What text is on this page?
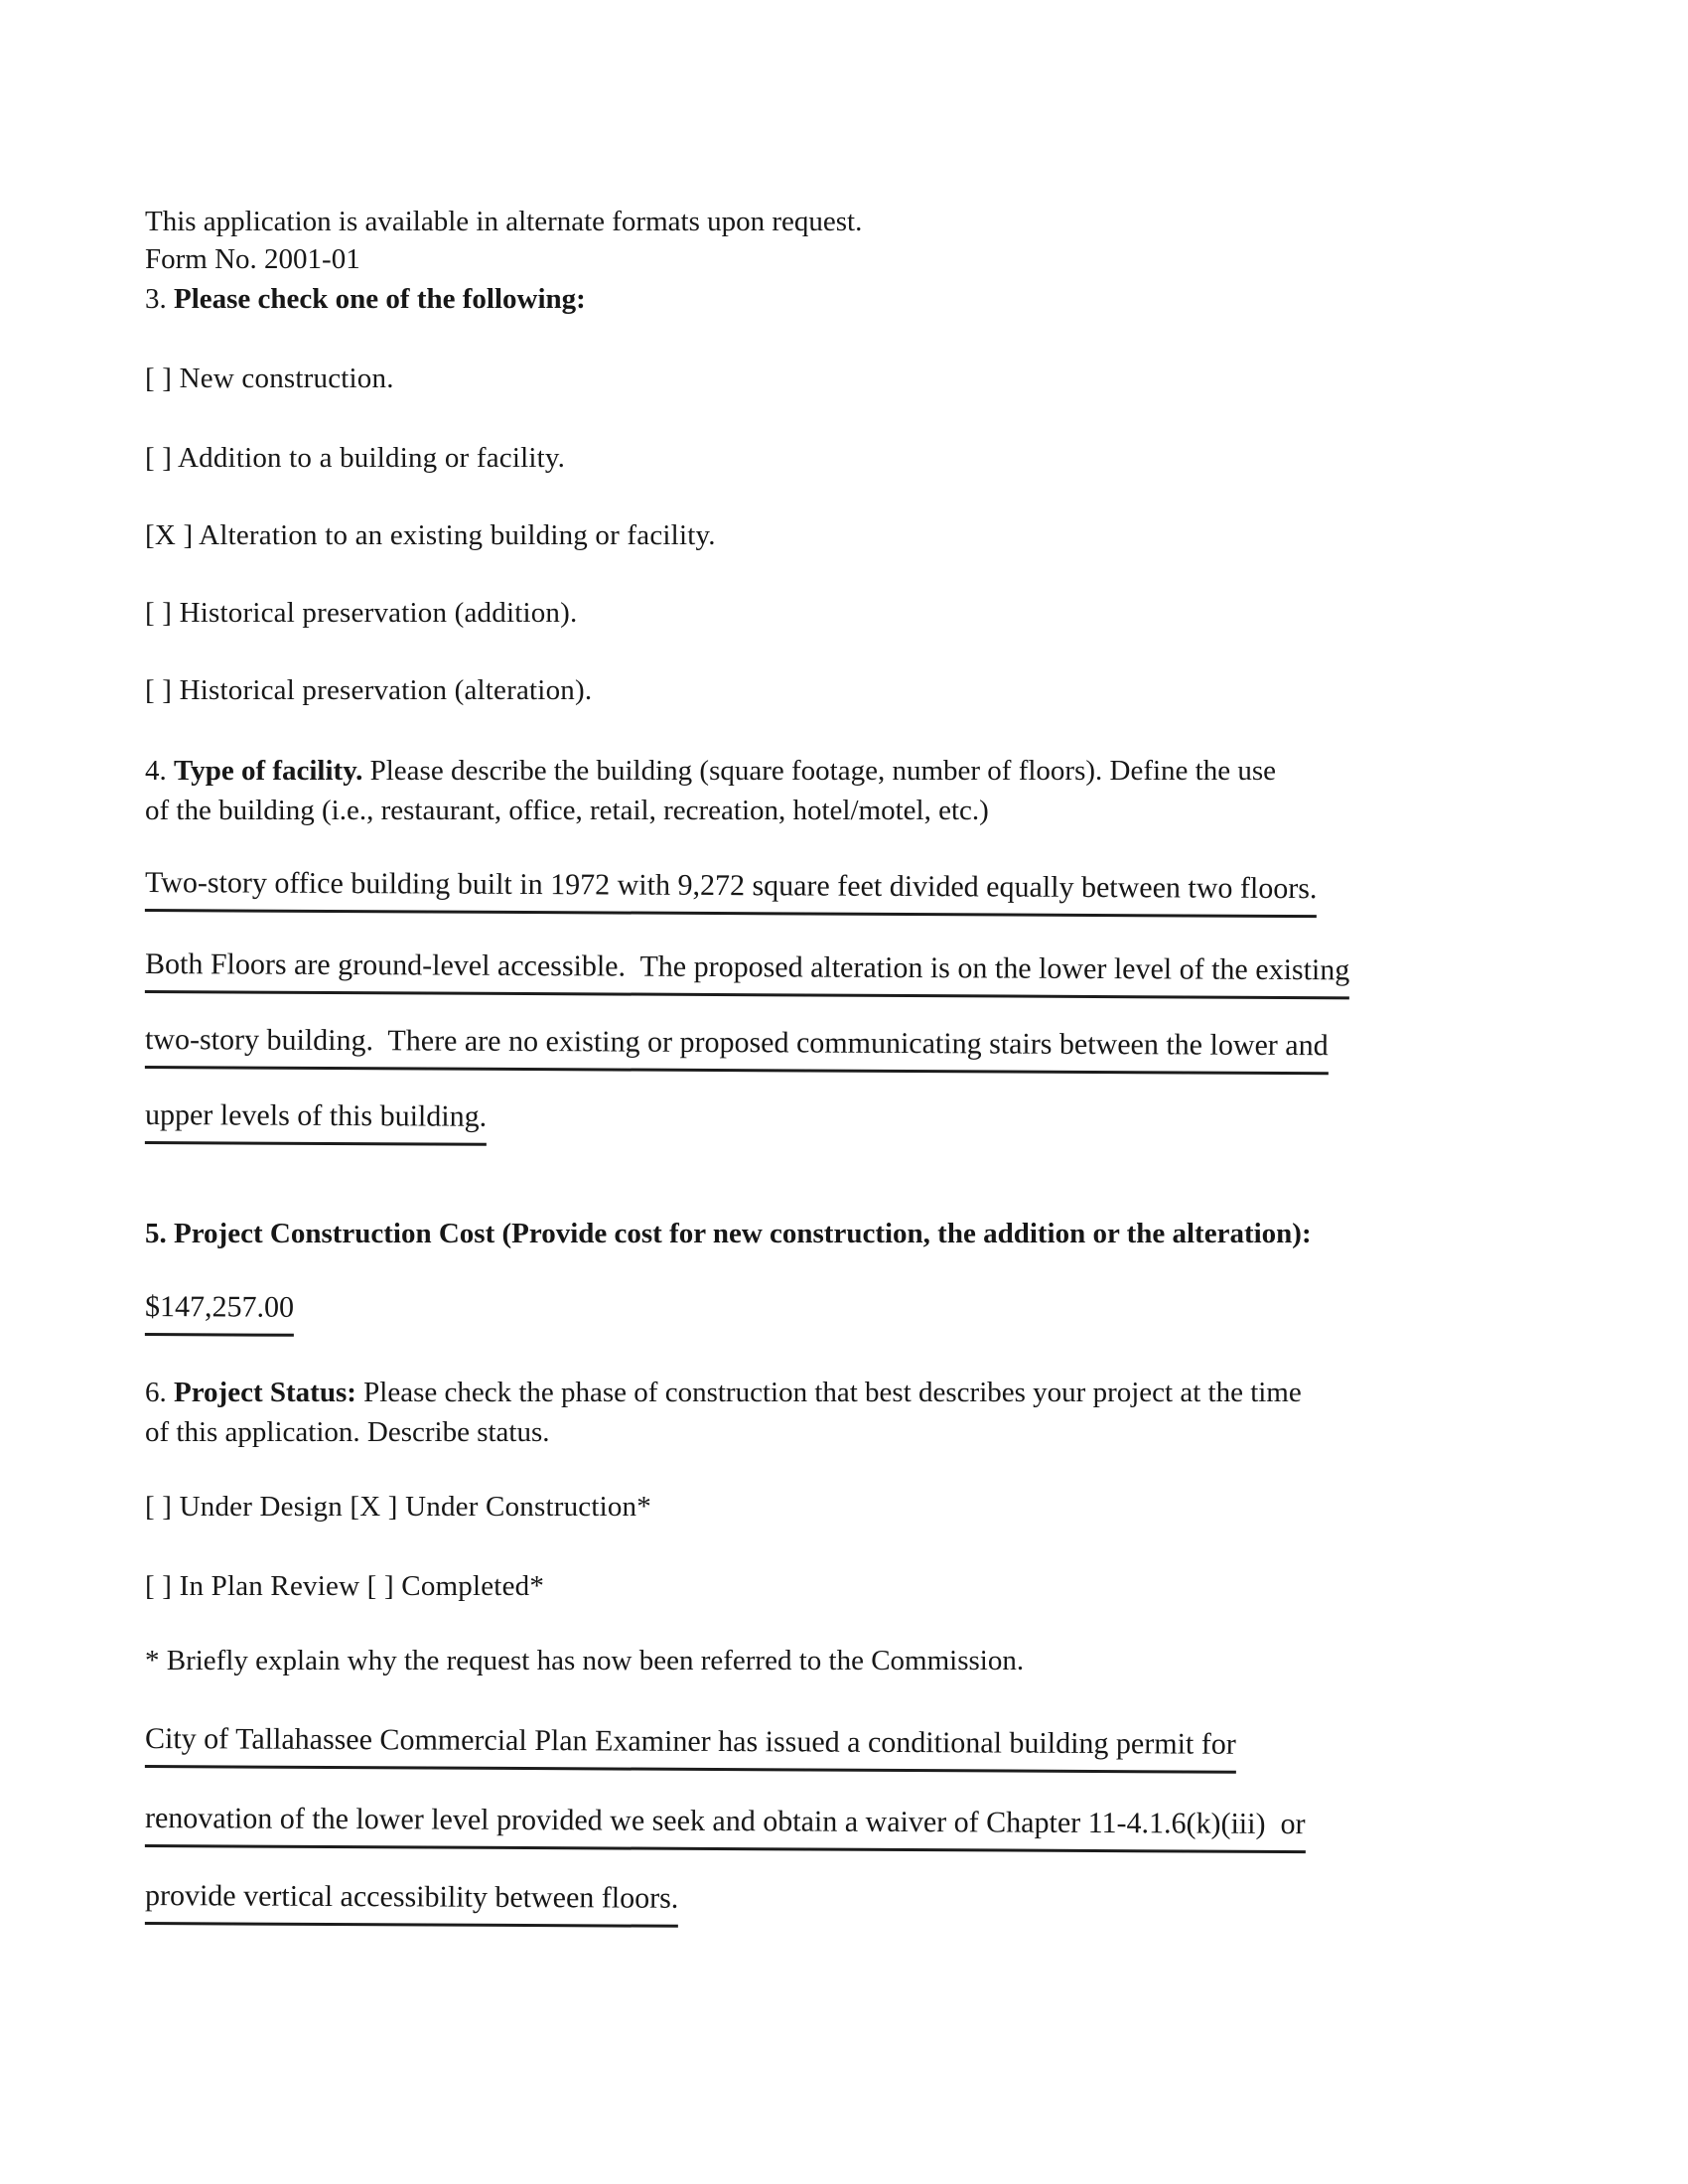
This application is available in alternate formats upon request.
Form No. 2001-01
3. Please check one of the following:
[ ] New construction.
[ ] Addition to a building or facility.
[X ] Alteration to an existing building or facility.
[ ] Historical preservation (addition).
[ ] Historical preservation (alteration).
4. Type of facility. Please describe the building (square footage, number of floors). Define the use
of the building (i.e., restaurant, office, retail, recreation, hotel/motel, etc.)
Two-story office building built in 1972 with 9,272 square feet divided equally between two floors.
Both Floors are ground-level accessible.  The proposed alteration is on the lower level of the existing
two-story building.  There are no existing or proposed communicating stairs between the lower and
upper levels of this building.
5. Project Construction Cost (Provide cost for new construction, the addition or the alteration):
$147,257.00
6. Project Status: Please check the phase of construction that best describes your project at the time
of this application. Describe status.
[ ] Under Design [X ] Under Construction*
[ ] In Plan Review [ ] Completed*
* Briefly explain why the request has now been referred to the Commission.
City of Tallahassee Commercial Plan Examiner has issued a conditional building permit for
renovation of the lower level provided we seek and obtain a waiver of Chapter 11-4.1.6(k)(iii)  or
provide vertical accessibility between floors.
